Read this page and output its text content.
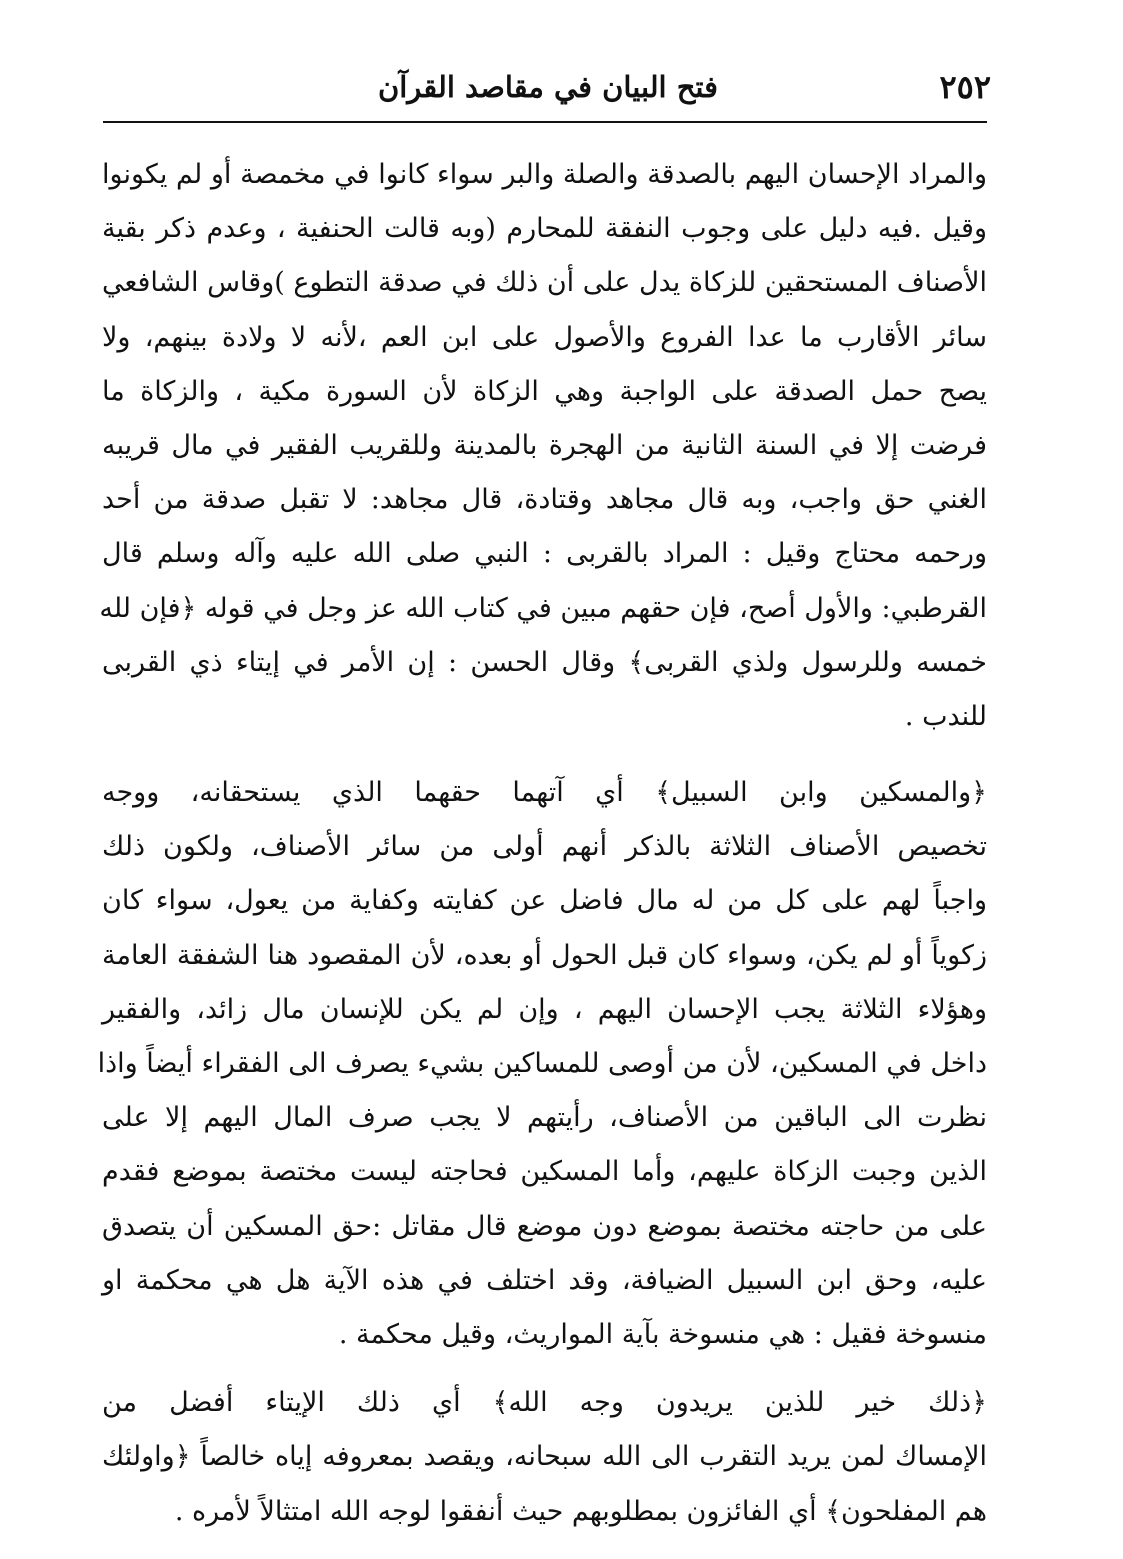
٢٥٢
فتح البيان في مقاصد القرآن
والمراد الإحسان اليهم بالصدقة والصلة والبر سواء كانوا في مخمصة أو لم يكونوا
وقيل .فيه دليل على وجوب النفقة للمحارم (وبه قالت الحنفية ، وعدم ذكر بقية
الأصناف المستحقين للزكاة يدل على أن ذلك في صدقة التطوع )وقاس الشافعي
سائر الأقارب ما عدا الفروع والأصول على ابن العم ،لأنه لا ولادة بينهم، ولا
يصح حمل الصدقة على الواجبة وهي الزكاة لأن السورة مكية ، والزكاة ما
فرضت إلا في السنة الثانية من الهجرة بالمدينة وللقريب الفقير في مال قريبه
الغني حق واجب، وبه قال مجاهد وقتادة، قال مجاهد: لا تقبل صدقة من أحد
ورحمه محتاج وقيل : المراد بالقربى : النبي صلى الله عليه وآله وسلم قال
القرطبي: والأول أصح، فإن حقهم مبين في كتاب الله عز وجل في قوله ﴿فإن لله
خمسه وللرسول ولذي القربى﴾ وقال الحسن : إن الأمر في إيتاء ذي القربى
للندب .
﴿والمسكين وابن السبيل﴾ أي آتهما حقهما الذي يستحقانه، ووجه
تخصيص الأصناف الثلاثة بالذكر أنهم أولى من سائر الأصناف، ولكون ذلك
واجباً لهم على كل من له مال فاضل عن كفايته وكفاية من يعول، سواء كان
زكوياً أو لم يكن، وسواء كان قبل الحول أو بعده، لأن المقصود هنا الشفقة العامة
وهؤلاء الثلاثة يجب الإحسان اليهم ، وإن لم يكن للإنسان مال زائد، والفقير
داخل في المسكين، لأن من أوصى للمساكين بشيء يصرف الى الفقراء أيضاً واذا
نظرت الى الباقين من الأصناف، رأيتهم لا يجب صرف المال اليهم إلا على
الذين وجبت الزكاة عليهم، وأما المسكين فحاجته ليست مختصة بموضع فقدم
على من حاجته مختصة بموضع دون موضع قال مقاتل :حق المسكين أن يتصدق
عليه، وحق ابن السبيل الضيافة، وقد اختلف في هذه الآية هل هي محكمة او
منسوخة فقيل : هي منسوخة بآية المواريث، وقيل محكمة .
﴿ذلك خير للذين يريدون وجه الله﴾ أي ذلك الإيتاء أفضل من
الإمساك لمن يريد التقرب الى الله سبحانه، ويقصد بمعروفه إياه خالصاً ﴿واولئك
هم المفلحون﴾ أي الفائزون بمطلوبهم حيث أنفقوا لوجه الله امتثالاً لأمره .
